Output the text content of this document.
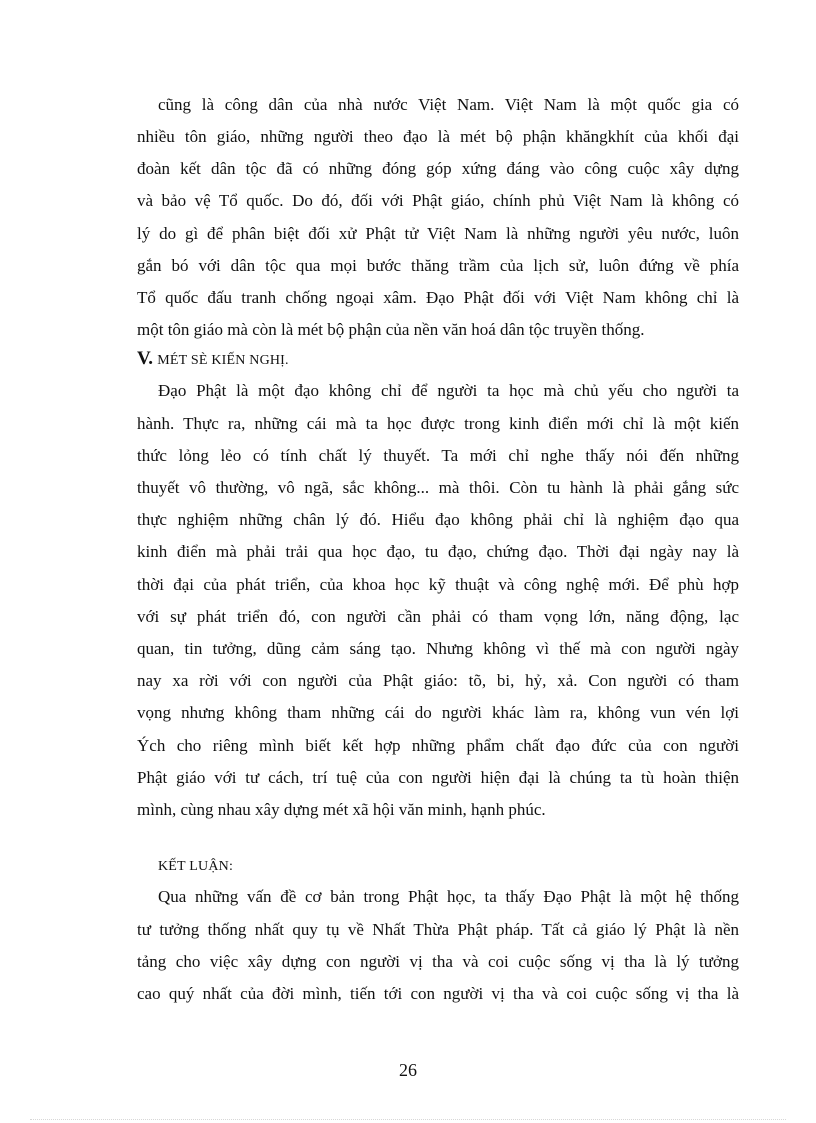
cũng là công dân của nhà nước Việt Nam. Việt Nam là một quốc gia có
nhiều tôn giáo, những người theo đạo là mét bộ phận khăngkhít của khối đại
đoàn kết dân tộc đã có những đóng góp xứng đáng vào công cuộc xây dựng
và bảo vệ Tổ quốc. Do đó, đối với Phật giáo, chính phủ Việt Nam là không có
lý do gì để phân biệt đối xử Phật tử Việt Nam là những người yêu nước, luôn
gắn bó với dân tộc qua mọi bước thăng trầm của lịch sử, luôn đứng về phía
Tổ quốc đấu tranh chống ngoại xâm. Đạo Phật đối với Việt Nam không chỉ là
một tôn giáo mà còn là mét bộ phận của nền văn hoá dân tộc truyền thống.
V. MÉT SÈ KIẾN NGHỊ.
Đạo Phật là một đạo không chỉ để người ta học mà chủ yếu cho người ta
hành. Thực ra, những cái mà ta học được trong kinh điển mới chỉ là một kiến
thức lỏng lẻo có tính chất lý thuyết. Ta mới chỉ nghe thấy nói đến những
thuyết vô thường, vô ngã, sắc không... mà thôi. Còn tu hành là phải gắng sức
thực nghiệm những chân lý đó. Hiểu đạo không phải chỉ là nghiệm đạo qua
kinh điển mà phải trải qua học đạo, tu đạo, chứng đạo. Thời đại ngày nay là
thời đại của phát triển, của khoa học kỹ thuật và công nghệ mới. Để phù hợp
với sự phát triển đó, con người cần phải có tham vọng lớn, năng động, lạc
quan, tin tưởng, dũng cảm sáng tạo. Nhưng không vì thế mà con người ngày
nay xa rời với con người của Phật giáo: tõ, bi, hỷ, xả. Con người có tham
vọng nhưng không tham những cái do người khác làm ra, không vun vén lợi
Ých cho riêng mình biết kết hợp những phẩm chất đạo đức của con người
Phật giáo với tư cách, trí tuệ của con người hiện đại là chúng ta tù hoàn thiện
mình, cùng nhau xây dựng mét xã hội văn minh, hạnh phúc.
KẾT LUẬN:
Qua những vấn đề cơ bản trong Phật học, ta thấy Đạo Phật là một hệ thống
tư tưởng thống nhất quy tụ về Nhất Thừa Phật pháp. Tất cả giáo lý Phật là nền
tảng cho việc xây dựng con người vị tha và coi cuộc sống vị tha là lý tưởng
cao quý nhất của đời mình, tiến tới con người vị tha và coi cuộc sống vị tha là
26
